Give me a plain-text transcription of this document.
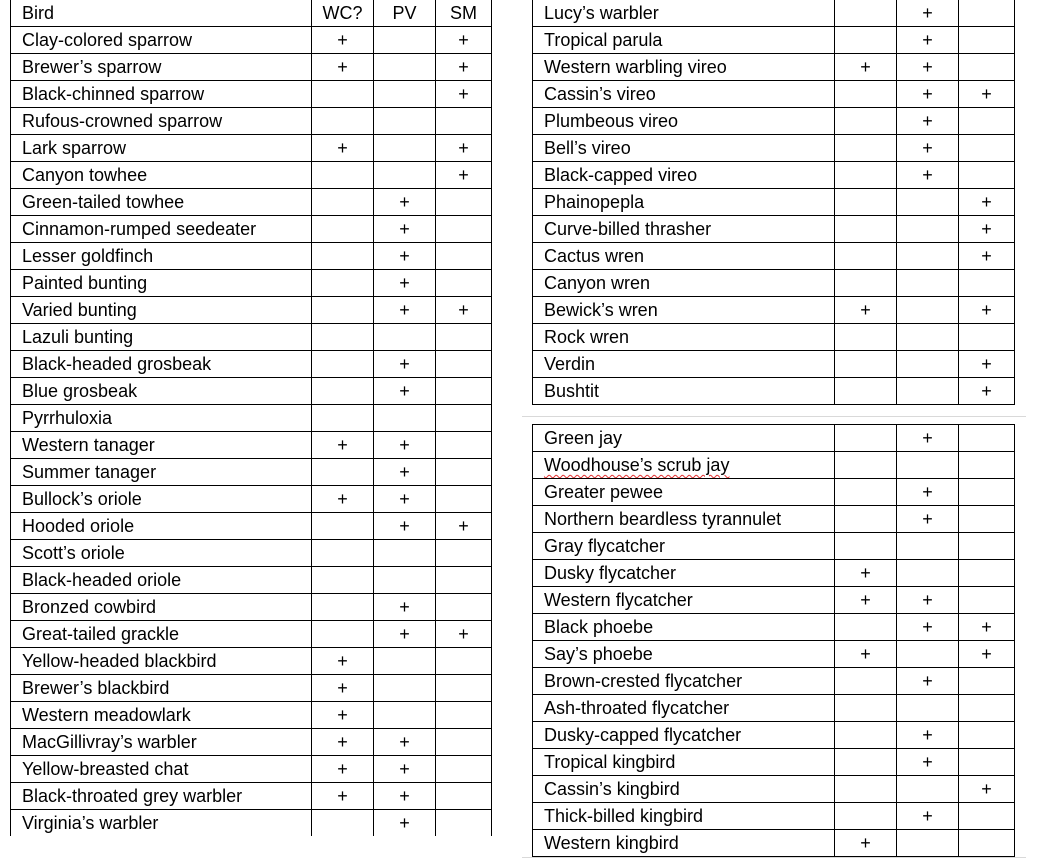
Bird	WC?	PV	SM
Clay-colored sparrow	+		+
Brewer’s sparrow	+		+
Black-chinned sparrow			+
Rufous-crowned sparrow			
Lark sparrow	+		+
Canyon towhee			+
Green-tailed towhee		+	
Cinnamon-rumped seedeater		+	
Lesser goldfinch		+	
Painted bunting		+	
Varied bunting		+	+
Lazuli bunting			
Black-headed grosbeak		+	
Blue grosbeak		+	
Pyrrhuloxia			
Western tanager	+	+	
Summer tanager		+	
Bullock’s oriole	+	+	
Hooded oriole		+	+
Scott’s oriole			
Black-headed oriole			
Bronzed cowbird		+	
Great-tailed grackle		+	+
Yellow-headed blackbird	+		
Brewer’s blackbird	+		
Western meadowlark	+		
MacGillivray’s warbler	+	+	
Yellow-breasted chat	+	+	
Black-throated grey warbler	+	+	
Virginia’s warbler		+	
Lucy’s warbler		+	
Tropical parula		+	
Western warbling vireo	+	+	
Cassin’s vireo		+	+
Plumbeous vireo		+	
Bell’s vireo		+	
Black-capped vireo		+	
Phainopepla			+
Curve-billed thrasher			+
Cactus wren			+
Canyon wren			
Bewick’s wren	+		+
Rock wren			
Verdin			+
Bushtit			+
Green jay		+	
Woodhouse’s scrub jay			
Greater pewee		+	
Northern beardless tyrannulet		+	
Gray flycatcher			
Dusky flycatcher	+		
Western flycatcher	+	+	
Black phoebe		+	+
Say’s phoebe	+		+
Brown-crested flycatcher		+	
Ash-throated flycatcher			
Dusky-capped flycatcher		+	
Tropical kingbird		+	
Cassin’s kingbird			+
Thick-billed kingbird		+	
Western kingbird	+		
